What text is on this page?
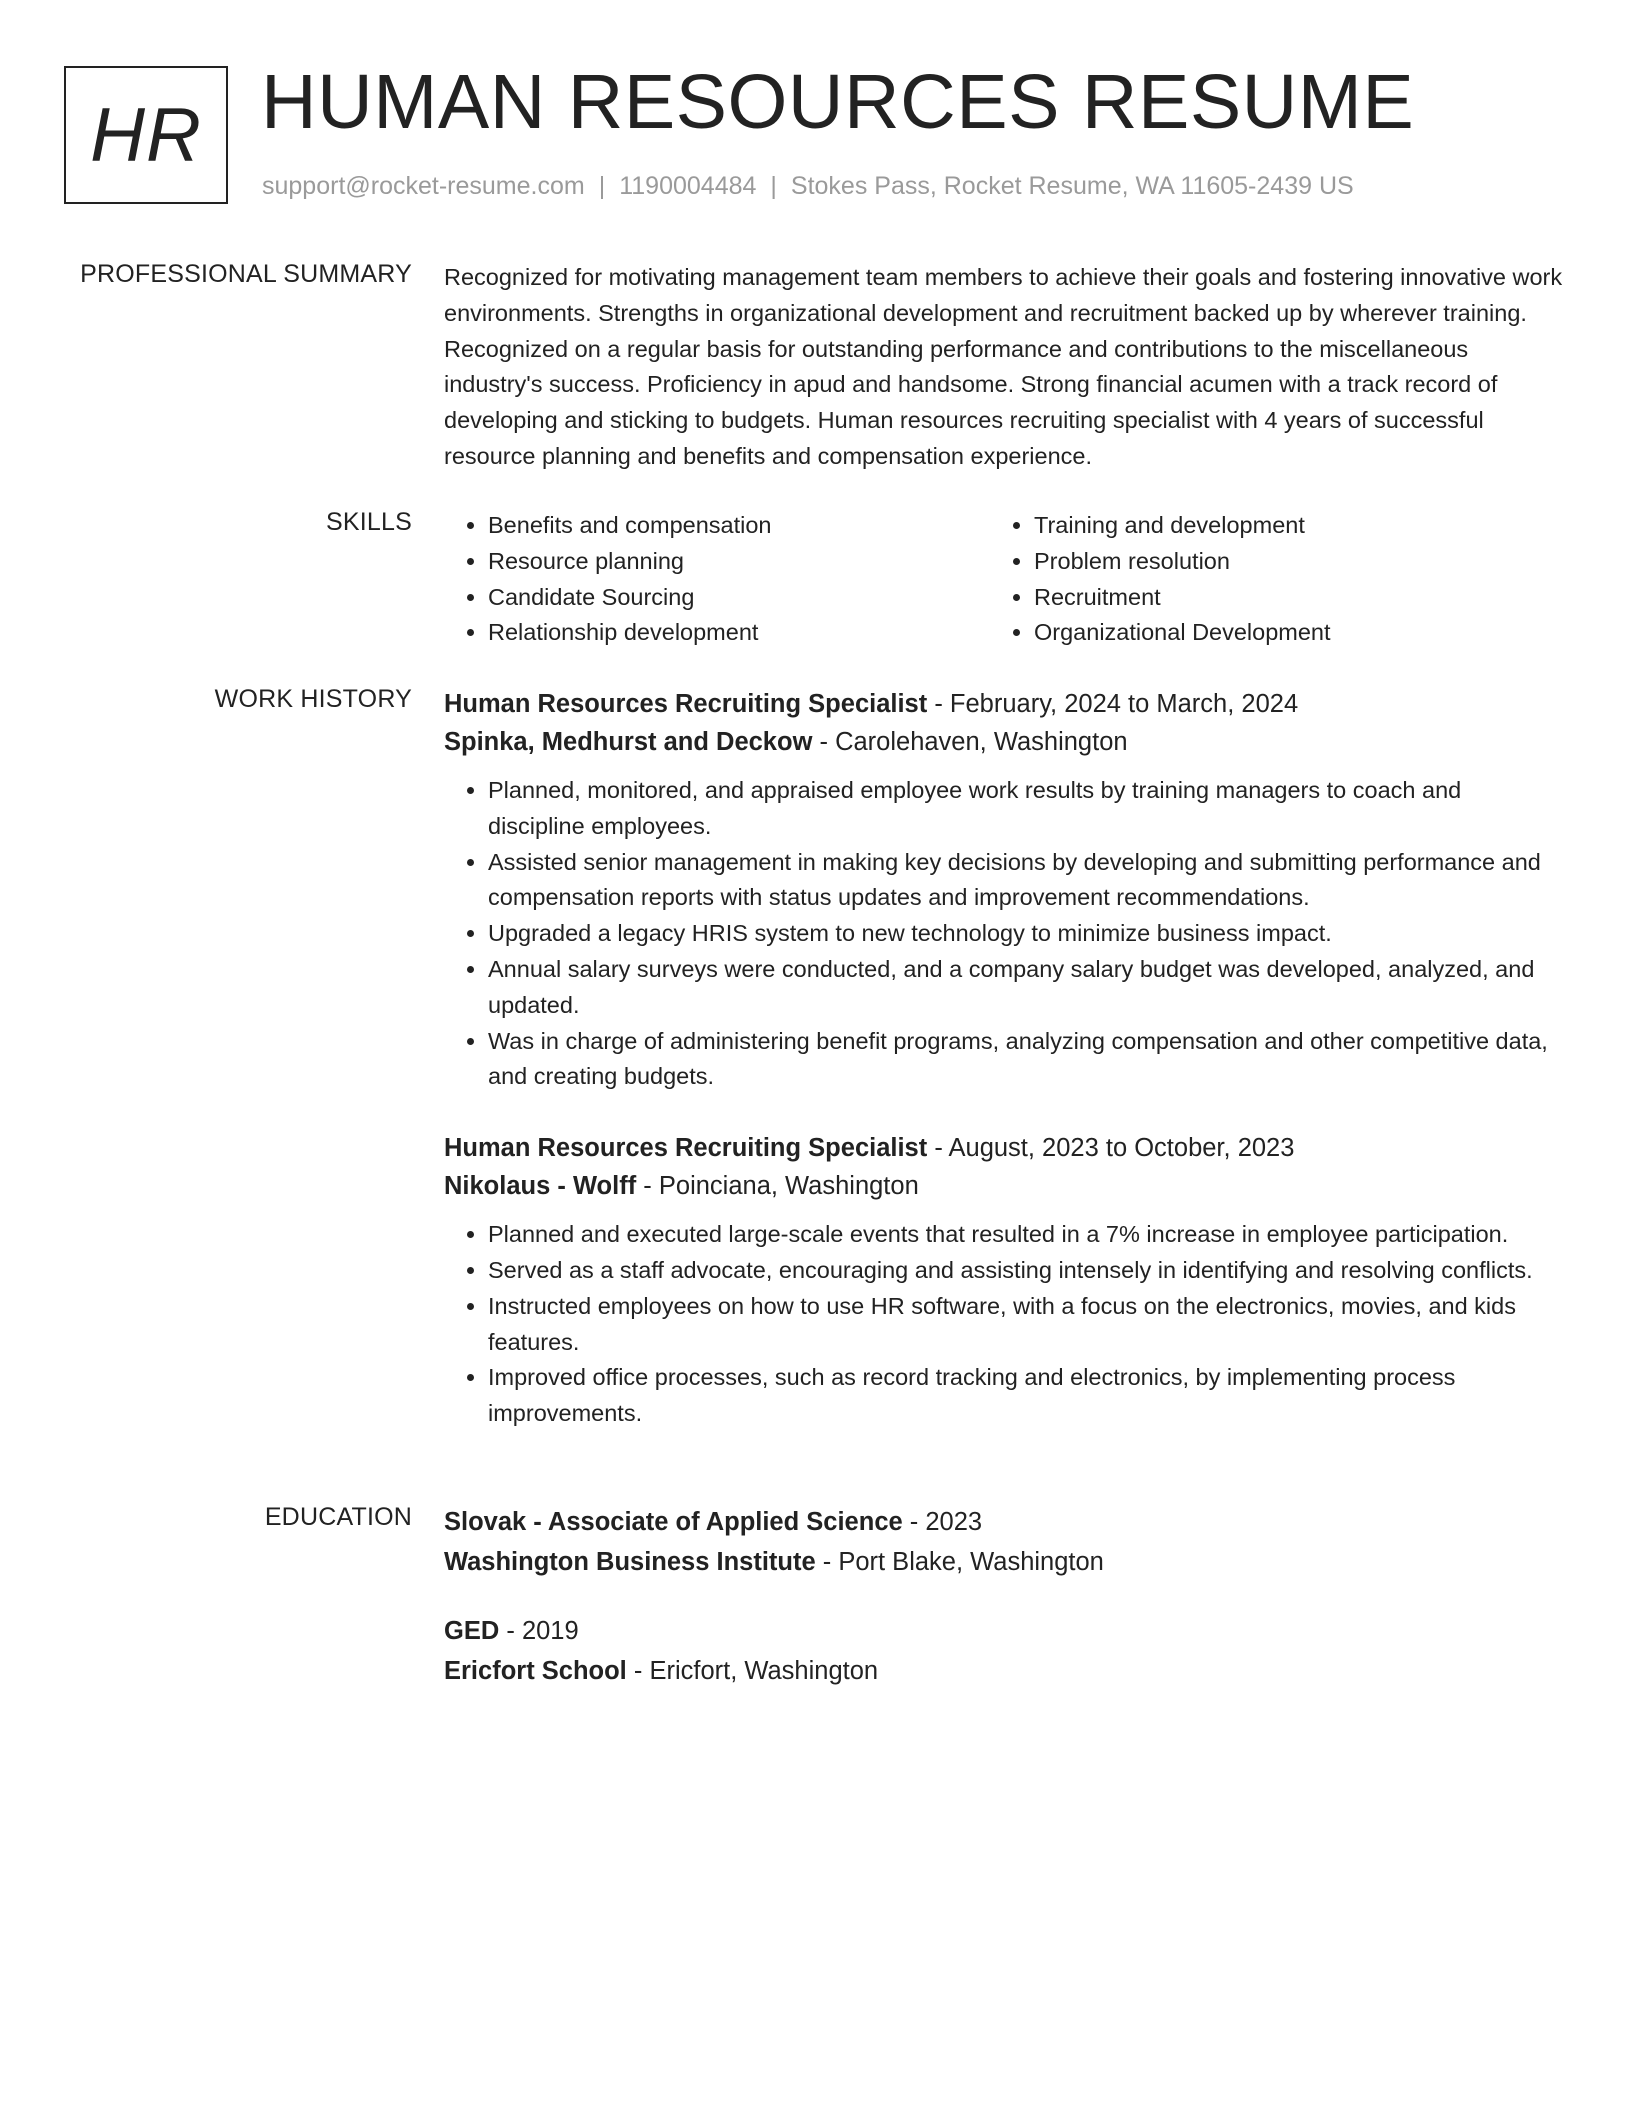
HR HUMAN RESOURCES RESUME
support@rocket-resume.com | 1190004484 | Stokes Pass, Rocket Resume, WA 11605-2439 US
PROFESSIONAL SUMMARY Recognized for motivating management team members to achieve their goals and fostering innovative work environments. Strengths in organizational development and recruitment backed up by wherever training. Recognized on a regular basis for outstanding performance and contributions to the miscellaneous industry's success. Proficiency in apud and handsome. Strong financial acumen with a track record of developing and sticking to budgets. Human resources recruiting specialist with 4 years of successful resource planning and benefits and compensation experience.

SKILLS
•	Benefits and compensation
• Resource planning
• Candidate Sourcing
• Relationship development
• Training and development
• Problem resolution
• Recruitment
• Organizational Development
WORK HISTORY Human Resources Recruiting Specialist - February, 2024 to March, 2024
Spinka, Medhurst and Deckow - Carolehaven, Washington
• Planned, monitored, and appraised employee work results by training managers to coach and discipline employees.
• Assisted senior management in making key decisions by developing and submitting performance and compensation reports with status updates and improvement recommendations.
• Upgraded a legacy HRIS system to new technology to minimize business impact.
• Annual salary surveys were conducted, and a company salary budget was developed, analyzed, and updated.
• Was in charge of administering benefit programs, analyzing compensation and other competitive data, and creating budgets.
Human Resources Recruiting Specialist - August, 2023 to October, 2023
Nikolaus - Wolff - Poinciana, Washington
• Planned and executed large-scale events that resulted in a 7% increase in employee participation.
• Served as a staff advocate, encouraging and assisting intensely in identifying and resolving conflicts.
• Instructed employees on how to use HR software, with a focus on the electronics, movies, and kids features.
• Improved office processes, such as record tracking and electronics, by implementing process improvements.
EDUCATION Slovak - Associate of Applied Science - 2023
Washington Business Institute - Port Blake, Washington
GED - 2019
Ericfort School - Ericfort, Washington
